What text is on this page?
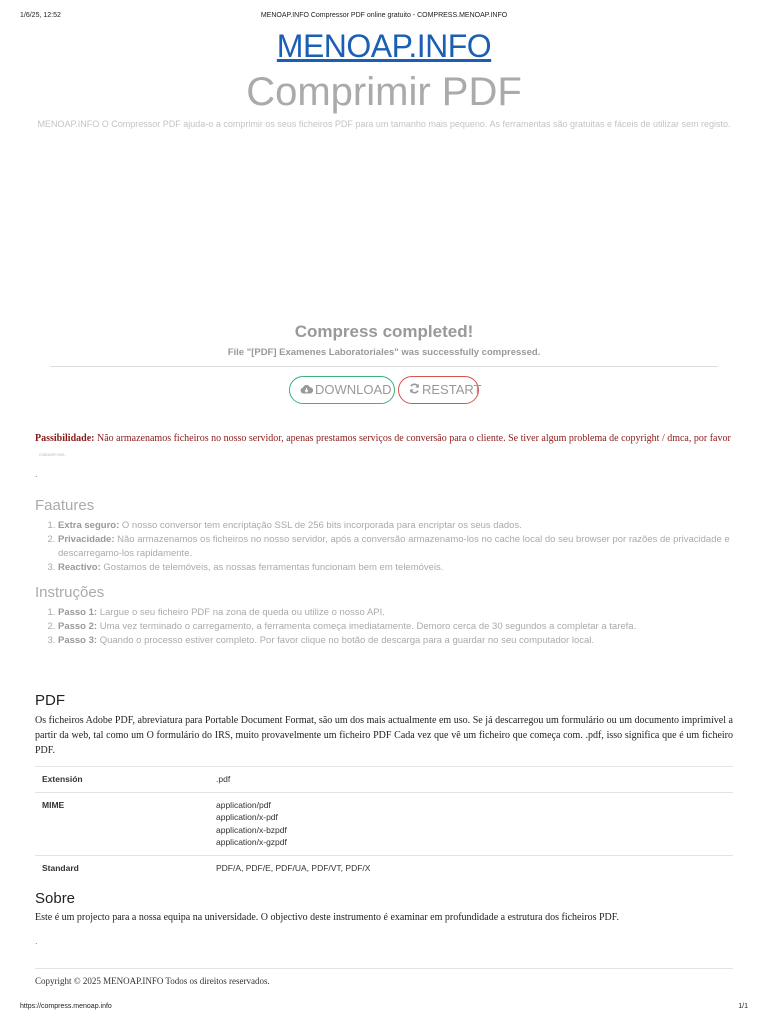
1/6/25, 12:52	MENOAP.INFO Compressor PDF online gratuito - COMPRESS.MENOAP.INFO
MENOAP.INFO
Comprimir PDF
MENOAP.INFO O Compressor PDF ajuda-o a comprimir os seus ficheiros PDF para um tamanho mais pequeno. As ferramentas são gratuitas e fáceis de utilizar sem registo.
Compress completed!
File "[PDF] Examenes Laboratoriales" was successfully compressed.
DOWNLOAD	RESTART
Passibilidade: Não armazenamos ficheiros no nosso servidor, apenas prestamos serviços de conversão para o cliente. Se tiver algum problema de copyright / dmca, por favor contacte-nos.
.
Faatures
1. Extra seguro: O nosso conversor tem encriptação SSL de 256 bits incorporada para encriptar os seus dados.
2. Privacidade: Não armazenamos os ficheiros no nosso servidor, após a conversão armazenamo-los no cache local do seu browser por razões de privacidade e descarregamo-los rapidamente.
3. Reactivo: Gostamos de telemóveis, as nossas ferramentas funcionam bem em telemóveis.
Instruções
1. Passo 1: Largue o seu ficheiro PDF na zona de queda ou utilize o nosso API.
2. Passo 2: Uma vez terminado o carregamento, a ferramenta começa imediatamente. Demoro cerca de 30 segundos a completar a tarefa.
3. Passo 3: Quando o processo estiver completo. Por favor clique no botão de descarga para a guardar no seu computador local.
PDF
Os ficheiros Adobe PDF, abreviatura para Portable Document Format, são um dos mais actualmente em uso. Se já descarregou um formulário ou um documento imprimível a partir da web, tal como um O formulário do IRS, muito provavelmente um ficheiro PDF Cada vez que vê um ficheiro que começa com. .pdf, isso significa que é um ficheiro PDF.
Extensión	.pdf

MIME	application/pdf
application/x-pdf
application/x-bzpdf
application/x-gzpdf

Standard	PDF/A, PDF/E, PDF/UA, PDF/VT, PDF/X
Sobre
Este é um projecto para a nossa equipa na universidade. O objectivo deste instrumento é examinar em profundidade a estrutura dos ficheiros PDF.
.
Copyright © 2025 MENOAP.INFO Todos os direitos reservados.
https://compress.menoap.info	1/1
